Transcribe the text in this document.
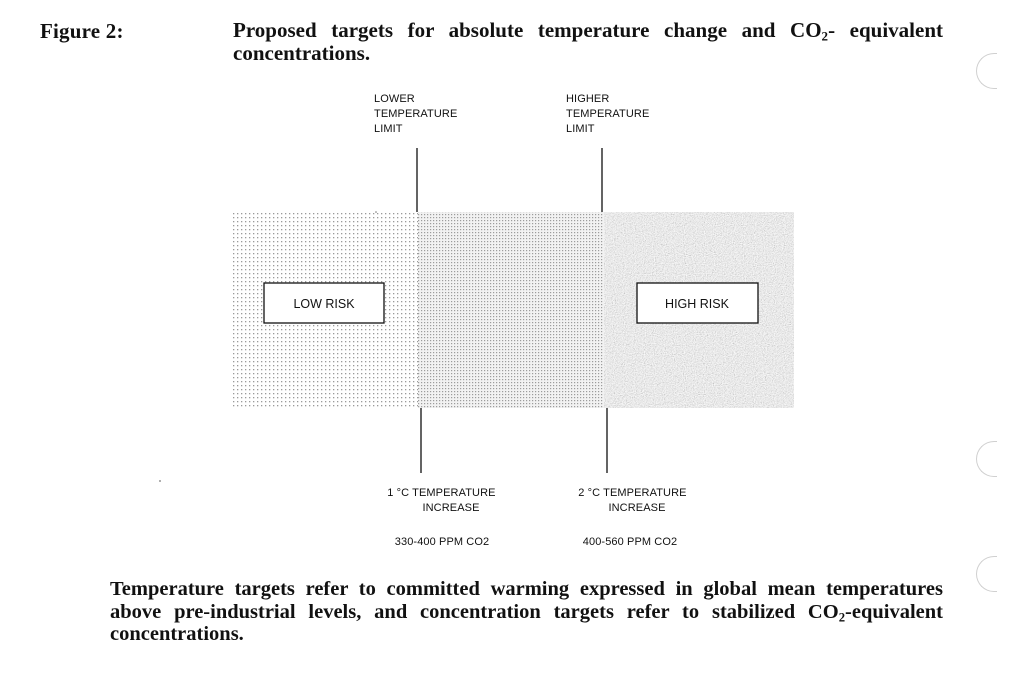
Figure 2:	Proposed targets for absolute temperature change and $CO_2-$ equivalent concentrations.
LOWER TEMPERATURE LIMIT
HIGHER TEMPERATURE LIMIT
LOW RISK	HIGH RISK
1 °C TEMPERATURE INCREASE
2 °C TEMPERATURE INCREASE
330-400 PPM CO2	400-560 PPM CO2
Temperature targets refer to committed warming expressed in global mean temperatures above pre-industrial levels, and concentration targets refer to stabilized $CO_2$-equivalent concentrations.
